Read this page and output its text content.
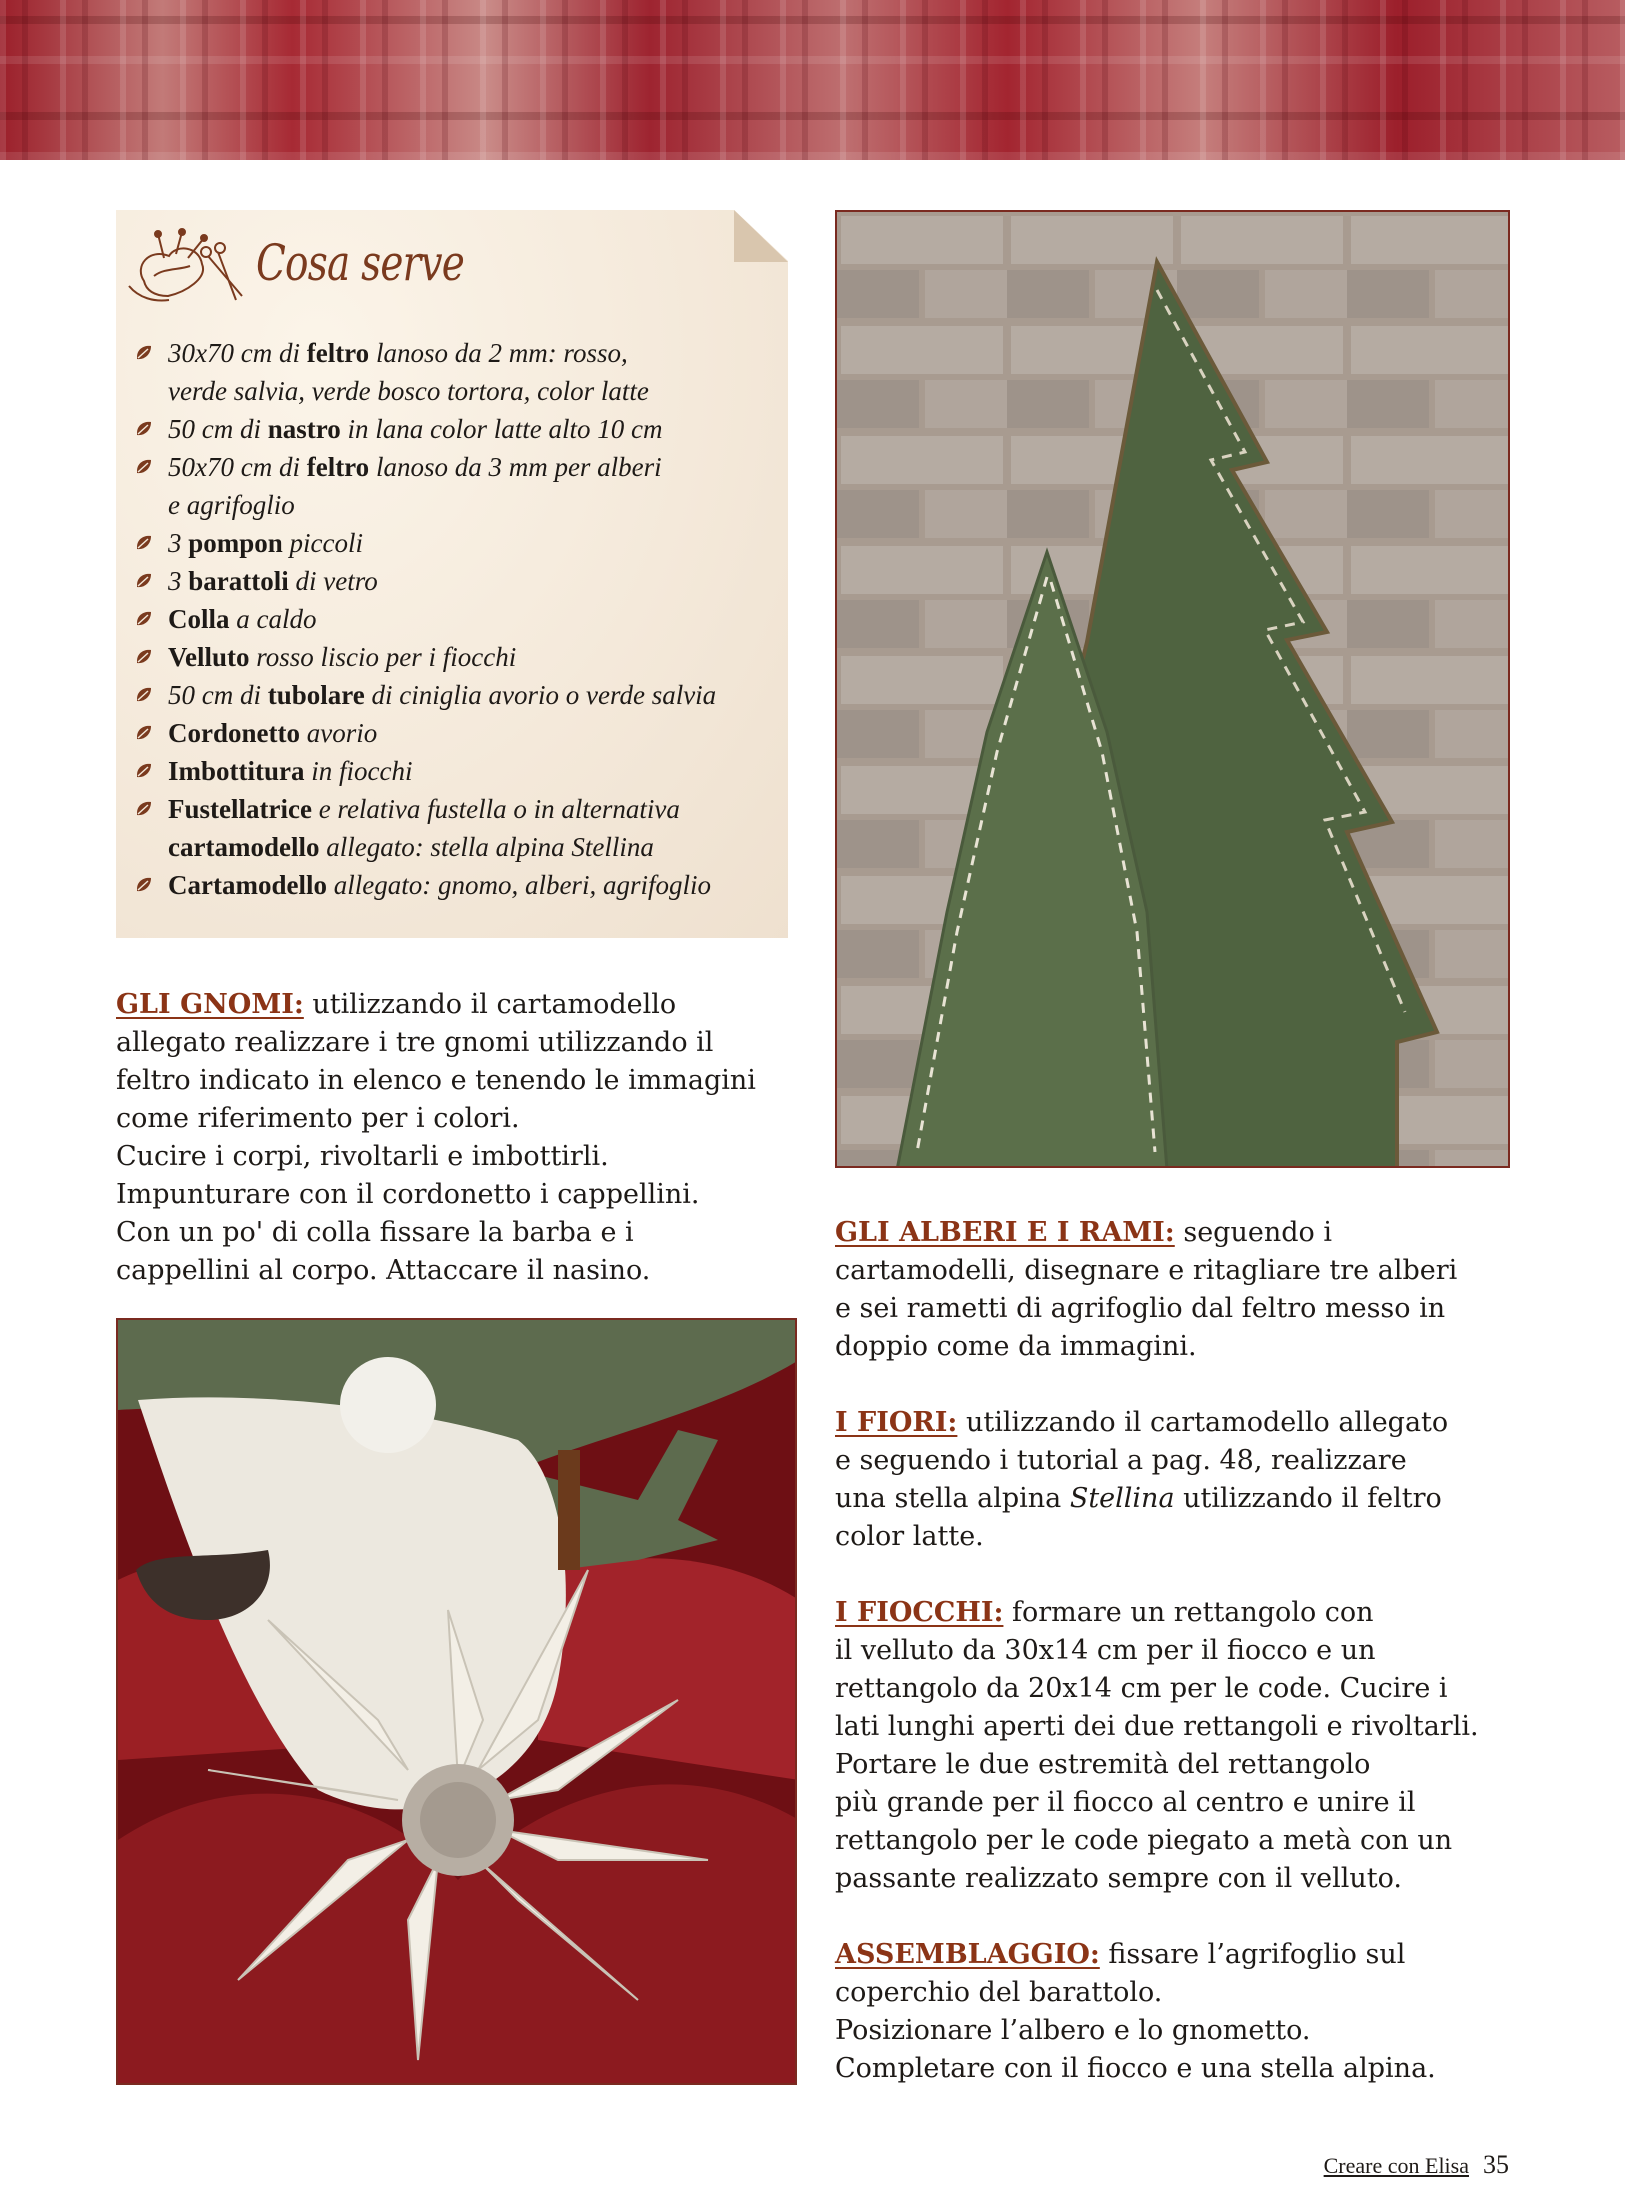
Cosa serve
30x70 cm di feltro lanoso da 2 mm: rosso,
verde salvia, verde bosco tortora, color latte
50 cm di nastro in lana color latte alto 10 cm
50x70 cm di feltro lanoso da 3 mm per alberi
e agrifoglio
3 pompon piccoli
3 barattoli di vetro
Colla a caldo
Velluto rosso liscio per i fiocchi
50 cm di tubolare di ciniglia avorio o verde salvia
Cordonetto avorio
Imbottitura in fiocchi
Fustellatrice e relativa fustella o in alternativa
cartamodello allegato: stella alpina Stellina
Cartamodello allegato: gnomo, alberi, agrifoglio
GLI GNOMI: utilizzando il cartamodello
allegato realizzare i tre gnomi utilizzando il
feltro indicato in elenco e tenendo le immagini
come riferimento per i colori.
Cucire i corpi, rivoltarli e imbottirli.
Impunturare con il cordonetto i cappellini.
Con un po' di colla fissare la barba e i
cappellini al corpo. Attaccare il nasino.
GLI ALBERI E I RAMI: seguendo i
cartamodelli, disegnare e ritagliare tre alberi
e sei rametti di agrifoglio dal feltro messo in
doppio come da immagini.
I FIORI: utilizzando il cartamodello allegato
e seguendo i tutorial a pag. 48, realizzare
una stella alpina Stellina utilizzando il feltro
color latte.
I FIOCCHI: formare un rettangolo con
il velluto da 30x14 cm per il fiocco e un
rettangolo da 20x14 cm per le code. Cucire i
lati lunghi aperti dei due rettangoli e rivoltarli.
Portare le due estremità del rettangolo
più grande per il fiocco al centro e unire il
rettangolo per le code piegato a metà con un
passante realizzato sempre con il velluto.
ASSEMBLAGGIO: fissare l’agrifoglio sul
coperchio del barattolo.
Posizionare l’albero e lo gnometto.
Completare con il fiocco e una stella alpina.
Creare con Elisa 35
